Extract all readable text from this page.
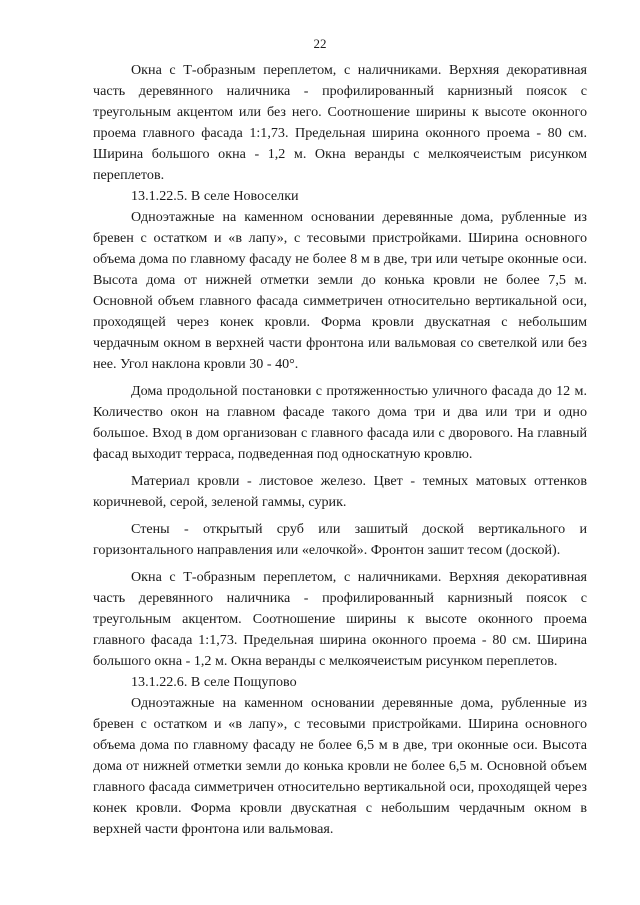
22

Окна с Т-образным переплетом, с наличниками. Верхняя декоративная часть деревянного наличника - профилированный карнизный поясок с треугольным акцентом или без него. Соотношение ширины к высоте оконного проема главного фасада 1:1,73. Предельная ширина оконного проема - 80 см. Ширина большого окна - 1,2 м. Окна веранды с мелкоячеистым рисунком переплетов.

13.1.22.5. В селе Новоселки

Одноэтажные на каменном основании деревянные дома, рубленные из бревен с остатком и «в лапу», с тесовыми пристройками. Ширина основного объема дома по главному фасаду не более 8 м в две, три или четыре оконные оси. Высота дома от нижней отметки земли до конька кровли не более 7,5 м. Основной объем главного фасада симметричен относительно вертикальной оси, проходящей через конек кровли. Форма кровли двускатная с небольшим чердачным окном в верхней части фронтона или вальмовая со светелкой или без нее. Угол наклона кровли 30 - 40°.

Дома продольной постановки с протяженностью уличного фасада до 12 м. Количество окон на главном фасаде такого дома три и два или три и одно большое. Вход в дом организован с главного фасада или с дворового. На главный фасад выходит терраса, подведенная под односкатную кровлю.

Материал кровли - листовое железо. Цвет - темных матовых оттенков коричневой, серой, зеленой гаммы, сурик.

Стены - открытый сруб или зашитый доской вертикального и горизонтального направления или «елочкой». Фронтон зашит тесом (доской).

Окна с Т-образным переплетом, с наличниками. Верхняя декоративная часть деревянного наличника - профилированный карнизный поясок с треугольным акцентом. Соотношение ширины к высоте оконного проема главного фасада 1:1,73. Предельная ширина оконного проема - 80 см. Ширина большого окна - 1,2 м. Окна веранды с мелкоячеистым рисунком переплетов.

13.1.22.6. В селе Пощупово

Одноэтажные на каменном основании деревянные дома, рубленные из бревен с остатком и «в лапу», с тесовыми пристройками. Ширина основного объема дома по главному фасаду не более 6,5 м в две, три оконные оси. Высота дома от нижней отметки земли до конька кровли не более 6,5 м. Основной объем главного фасада симметричен относительно вертикальной оси, проходящей через конек кровли. Форма кровли двускатная с небольшим чердачным окном в верхней части фронтона или вальмовая.
